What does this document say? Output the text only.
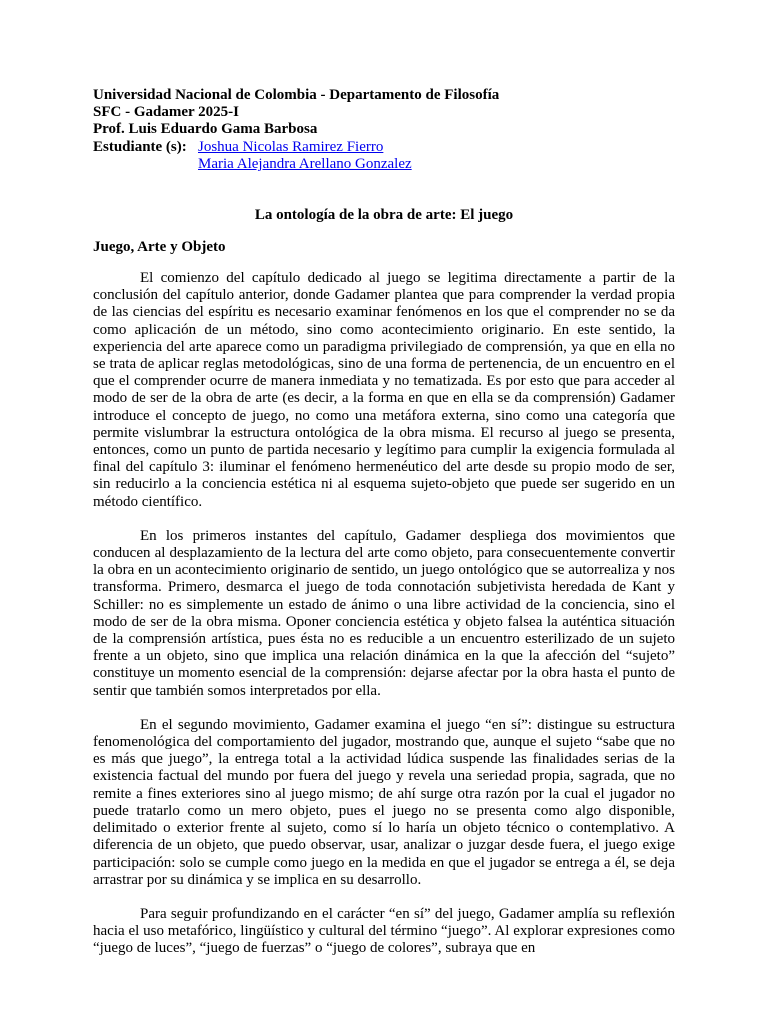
Universidad Nacional de Colombia - Departamento de Filosofía
SFC - Gadamer 2025-I
Prof. Luis Eduardo Gama Barbosa
Estudiante (s): Joshua Nicolas Ramirez Fierro
Maria Alejandra Arellano Gonzalez
La ontología de la obra de arte: El juego
Juego, Arte y Objeto

El comienzo del capítulo dedicado al juego se legitima directamente a partir de la conclusión del capítulo anterior, donde Gadamer plantea que para comprender la verdad propia de las ciencias del espíritu es necesario examinar fenómenos en los que el comprender no se da como aplicación de un método, sino como acontecimiento originario. En este sentido, la experiencia del arte aparece como un paradigma privilegiado de comprensión, ya que en ella no se trata de aplicar reglas metodológicas, sino de una forma de pertenencia, de un encuentro en el que el comprender ocurre de manera inmediata y no tematizada. Es por esto que para acceder al modo de ser de la obra de arte (es decir, a la forma en que en ella se da comprensión) Gadamer introduce el concepto de juego, no como una metáfora externa, sino como una categoría que permite vislumbrar la estructura ontológica de la obra misma. El recurso al juego se presenta, entonces, como un punto de partida necesario y legítimo para cumplir la exigencia formulada al final del capítulo 3: iluminar el fenómeno hermenéutico del arte desde su propio modo de ser, sin reducirlo a la conciencia estética ni al esquema sujeto-objeto que puede ser sugerido en un método científico.

En los primeros instantes del capítulo, Gadamer despliega dos movimientos que conducen al desplazamiento de la lectura del arte como objeto, para consecuentemente convertir la obra en un acontecimiento originario de sentido, un juego ontológico que se autorrealiza y nos transforma. Primero, desmarca el juego de toda connotación subjetivista heredada de Kant y Schiller: no es simplemente un estado de ánimo o una libre actividad de la conciencia, sino el modo de ser de la obra misma. Oponer conciencia estética y objeto falsea la auténtica situación de la comprensión artística, pues ésta no es reducible a un encuentro esterilizado de un sujeto frente a un objeto, sino que implica una relación dinámica en la que la afección del “sujeto” constituye un momento esencial de la comprensión: dejarse afectar por la obra hasta el punto de sentir que también somos interpretados por ella.

En el segundo movimiento, Gadamer examina el juego “en sí”: distingue su estructura fenomenológica del comportamiento del jugador, mostrando que, aunque el sujeto “sabe que no es más que juego”, la entrega total a la actividad lúdica suspende las finalidades serias de la existencia factual del mundo por fuera del juego y revela una seriedad propia, sagrada, que no remite a fines exteriores sino al juego mismo; de ahí surge otra razón por la cual el jugador no puede tratarlo como un mero objeto, pues el juego no se presenta como algo disponible, delimitado o exterior frente al sujeto, como sí lo haría un objeto técnico o contemplativo. A diferencia de un objeto, que puedo observar, usar, analizar o juzgar desde fuera, el juego exige participación: solo se cumple como juego en la medida en que el jugador se entrega a él, se deja arrastrar por su dinámica y se implica en su desarrollo.

Para seguir profundizando en el carácter “en sí” del juego, Gadamer amplía su reflexión hacia el uso metafórico, lingüístico y cultural del término “juego”. Al explorar expresiones como “juego de luces”, “juego de fuerzas” o “juego de colores”, subraya que en
